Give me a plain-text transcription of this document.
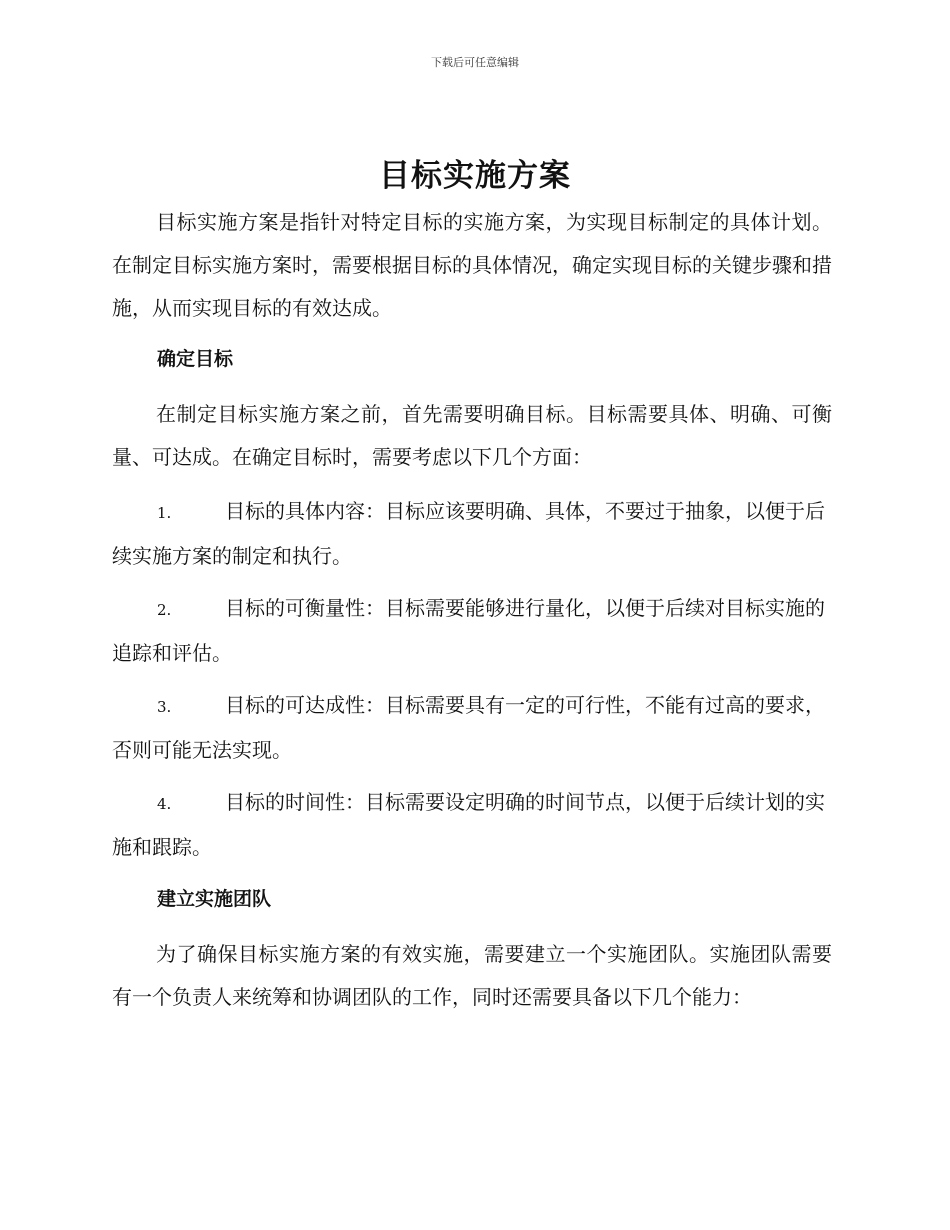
下载后可任意编辑
目标实施方案

目标实施方案是指针对特定目标的实施方案，为实现目标制定的具体计划。在制定目标实施方案时，需要根据目标的具体情况，确定实现目标的关键步骤和措施，从而实现目标的有效达成。

确定目标

在制定目标实施方案之前，首先需要明确目标。目标需要具体、明确、可衡量、可达成。在确定目标时，需要考虑以下几个方面：

1.	目标的具体内容：目标应该要明确、具体，不要过于抽象，以便于后续实施方案的制定和执行。

2.	目标的可衡量性：目标需要能够进行量化，以便于后续对目标实施的追踪和评估。

3.	目标的可达成性：目标需要具有一定的可行性，不能有过高的要求，否则可能无法实现。

4.	目标的时间性：目标需要设定明确的时间节点，以便于后续计划的实施和跟踪。

建立实施团队

为了确保目标实施方案的有效实施，需要建立一个实施团队。实施团队需要有一个负责人来统筹和协调团队的工作，同时还需要具备以下几个能力：
